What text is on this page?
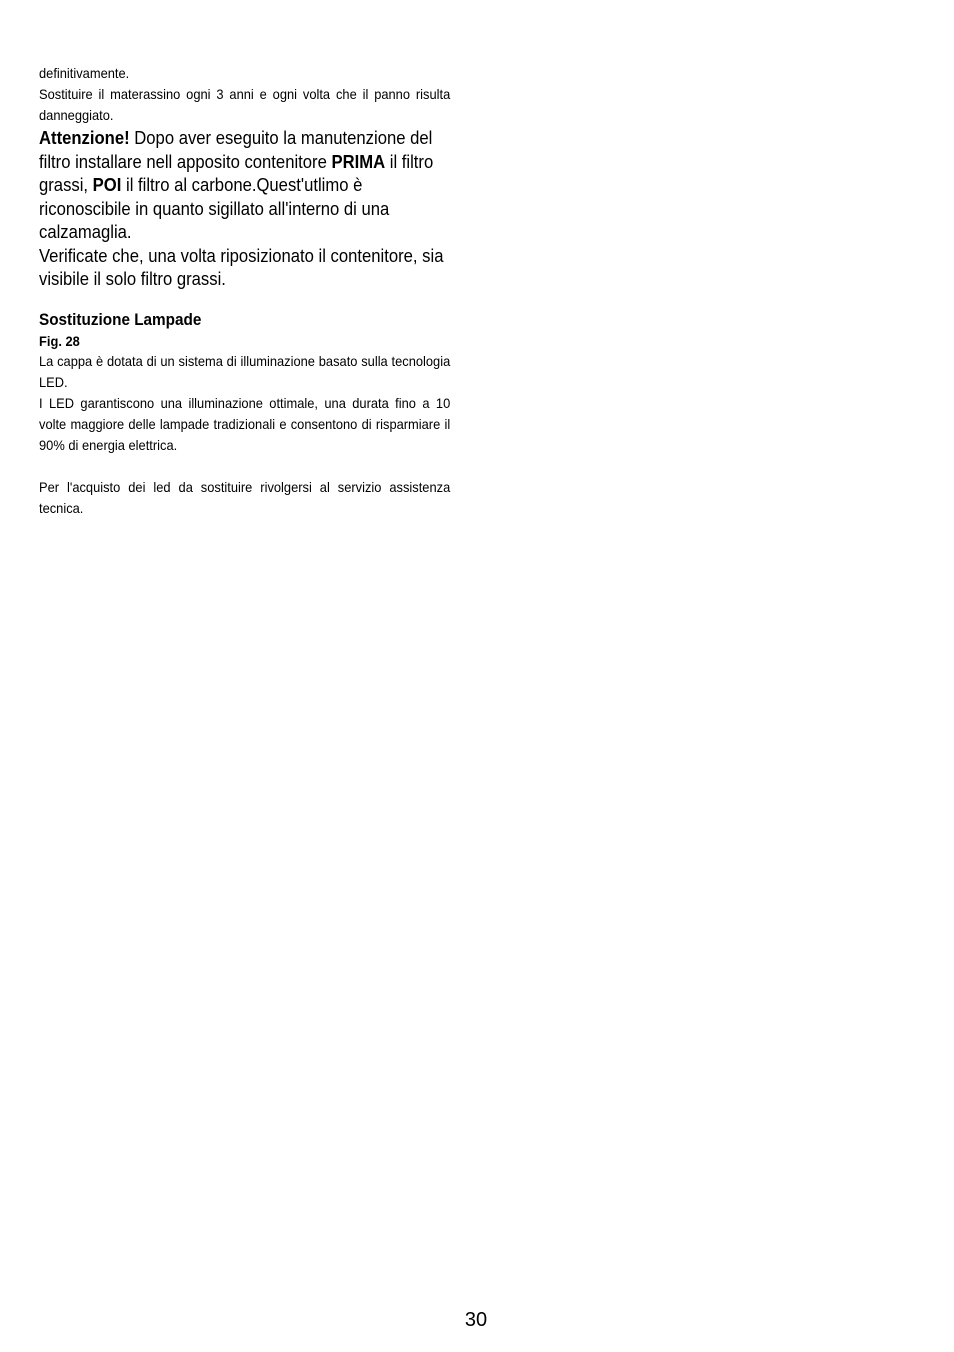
definitivamente.

Sostituire il materassino ogni 3 anni e ogni volta che il panno risulta danneggiato.

Attenzione! Dopo aver eseguito la manutenzione del filtro installare nell apposito contenitore PRIMA il filtro grassi, POI il filtro al carbone.Quest'utlimo è riconoscibile in quanto sigillato all'interno di una calzamaglia.

Verificate che, una volta riposizionato il contenitore, sia visibile il solo filtro grassi.

Sostituzione Lampade

Fig. 28

La cappa è dotata di un sistema di illuminazione basato sulla tecnologia LED.

I LED garantiscono una illuminazione ottimale, una durata fino a 10 volte maggiore delle lampade tradizionali e consentono di risparmiare il 90% di energia elettrica.

Per l'acquisto dei led da sostituire rivolgersi al servizio assistenza tecnica.

30
